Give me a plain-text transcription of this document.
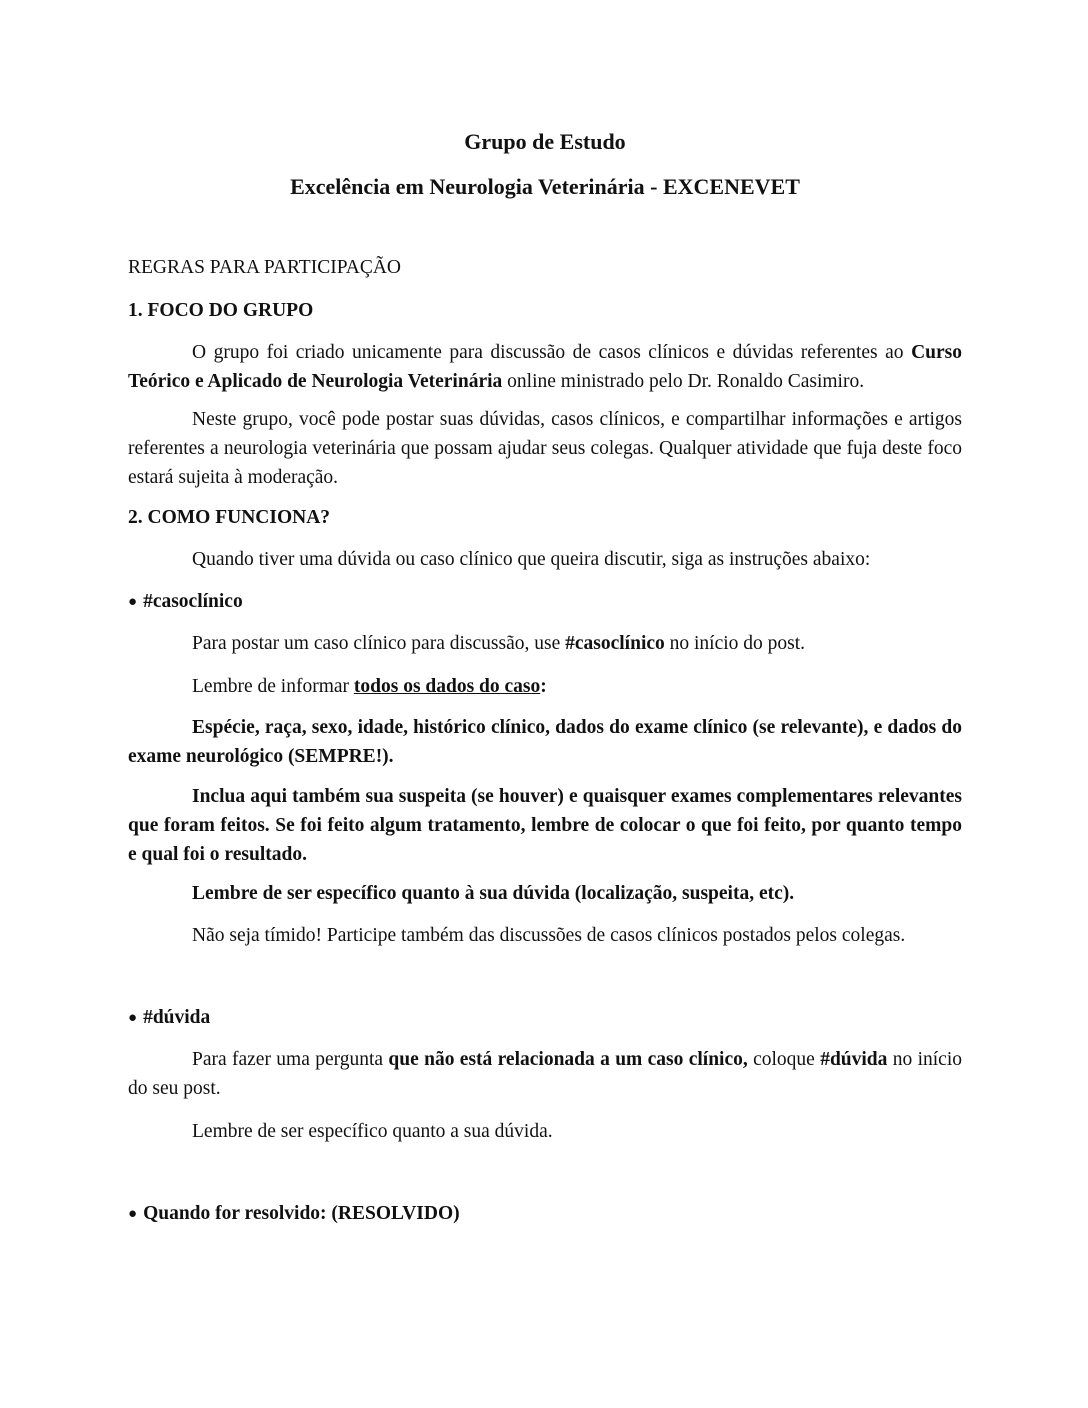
Grupo de Estudo
Excelência em Neurologia Veterinária - EXCENEVET
REGRAS PARA PARTICIPAÇÃO
1. FOCO DO GRUPO

O grupo foi criado unicamente para discussão de casos clínicos e dúvidas referentes ao Curso Teórico e Aplicado de Neurologia Veterinária online ministrado pelo Dr. Ronaldo Casimiro.

Neste grupo, você pode postar suas dúvidas, casos clínicos, e compartilhar informações e artigos referentes a neurologia veterinária que possam ajudar seus colegas. Qualquer atividade que fuja deste foco estará sujeita à moderação.

2. COMO FUNCIONA?
Quando tiver uma dúvida ou caso clínico que queira discutir, siga as instruções abaixo:
● #casoclínico
Para postar um caso clínico para discussão, use #casoclínico no início do post.
Lembre de informar todos os dados do caso:

Espécie, raça, sexo, idade, histórico clínico, dados do exame clínico (se relevante), e dados do exame neurológico (SEMPRE!).

Inclua aqui também sua suspeita (se houver) e quaisquer exames complementares relevantes que foram feitos. Se foi feito algum tratamento, lembre de colocar o que foi feito, por quanto tempo e qual foi o resultado.

Lembre de ser específico quanto à sua dúvida (localização, suspeita, etc).
Não seja tímido! Participe também das discussões de casos clínicos postados pelos colegas.
● #dúvida

Para fazer uma pergunta que não está relacionada a um caso clínico, coloque #dúvida no início do seu post.

Lembre de ser específico quanto a sua dúvida.
● Quando for resolvido: (RESOLVIDO)
